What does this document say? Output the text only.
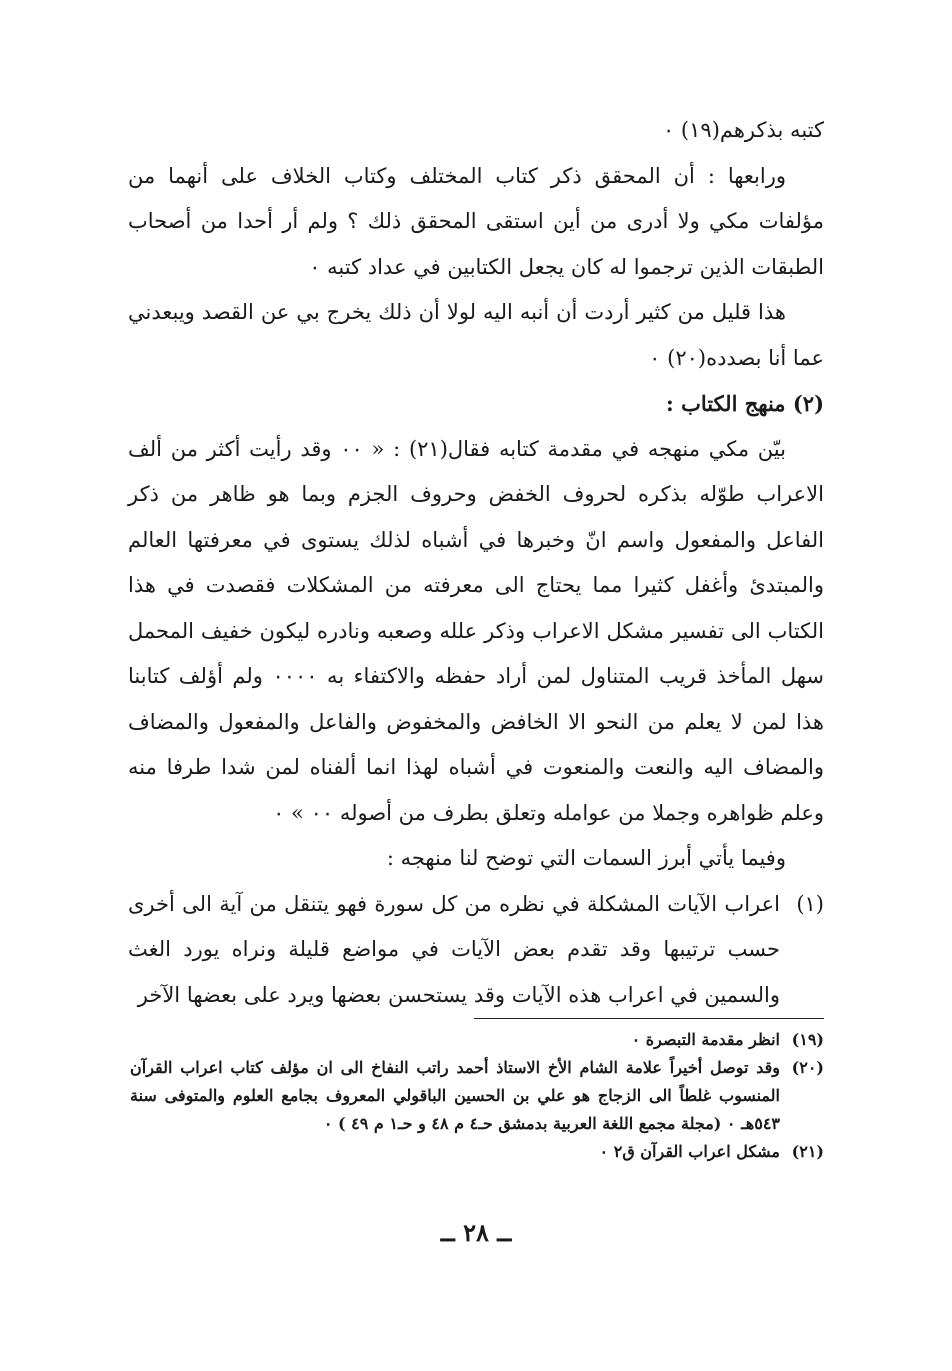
كتبه بذكرهم(١٩) ٠

ورابعها : أن المحقق ذكر كتاب المختلف وكتاب الخلاف على أنهما من مؤلفات مكي ولا أدرى من أين استقى المحقق ذلك ؟ ولم أر أحدا من أصحاب الطبقات الذين ترجموا له كان يجعل الكتابين في عداد كتبه ٠

هذا قليل من كثير أردت أن أنبه اليه لولا أن ذلك يخرج بي عن القصد ويبعدني عما أنا بصدده(٢٠) ٠

(٢) منهج الكتاب :

بيّن مكي منهجه في مقدمة كتابه فقال(٢١) : « ٠٠ وقد رأيت أكثر من ألف الاعراب طوّله بذكره لحروف الخفض وحروف الجزم وبما هو ظاهر من ذكر الفاعل والمفعول واسم انّ وخبرها في أشباه لذلك يستوى في معرفتها العالم والمبتدئ وأغفل كثيرا مما يحتاج الى معرفته من المشكلات فقصدت في هذا الكتاب الى تفسير مشكل الاعراب وذكر علله وصعبه ونادره ليكون خفيف المحمل سهل المأخذ قريب المتناول لمن أراد حفظه والاكتفاء به ٠٠٠٠ ولم أؤلف كتابنا هذا لمن لا يعلم من النحو الا الخافض والمخفوض والفاعل والمفعول والمضاف والمضاف اليه والنعت والمنعوت في أشباه لهذا انما ألفناه لمن شدا طرفا منه وعلم ظواهره وجملا من عوامله وتعلق بطرف من أصوله ٠٠ » ٠

وفيما يأتي أبرز السمات التي توضح لنا منهجه :

(١)
اعراب الآيات المشكلة في نظره من كل سورة فهو يتنقل من آية الى أخرى حسب ترتيبها وقد تقدم بعض الآيات في مواضع قليلة ونراه يورد الغث والسمين في اعراب هذه الآيات وقد يستحسن بعضها ويرد على بعضها الآخر
(١٩)
انظر مقدمة التبصرة ٠
(٢٠)
وقد توصل أخيراً علامة الشام الأخ الاستاذ أحمد راتب النفاخ الى ان مؤلف كتاب اعراب القرآن المنسوب غلطاً الى الزجاج هو علي بن الحسين الباقولي المعروف بجامع العلوم والمتوفى سنة ٥٤٣هـ ٠ (مجلة مجمع اللغة العربية بدمشق حـ٤ م ٤٨ و حـ١ م ٤٩ ) ٠
(٢١)
مشكل اعراب القرآن ق٢ ٠
ــ ٢٨ ــ
